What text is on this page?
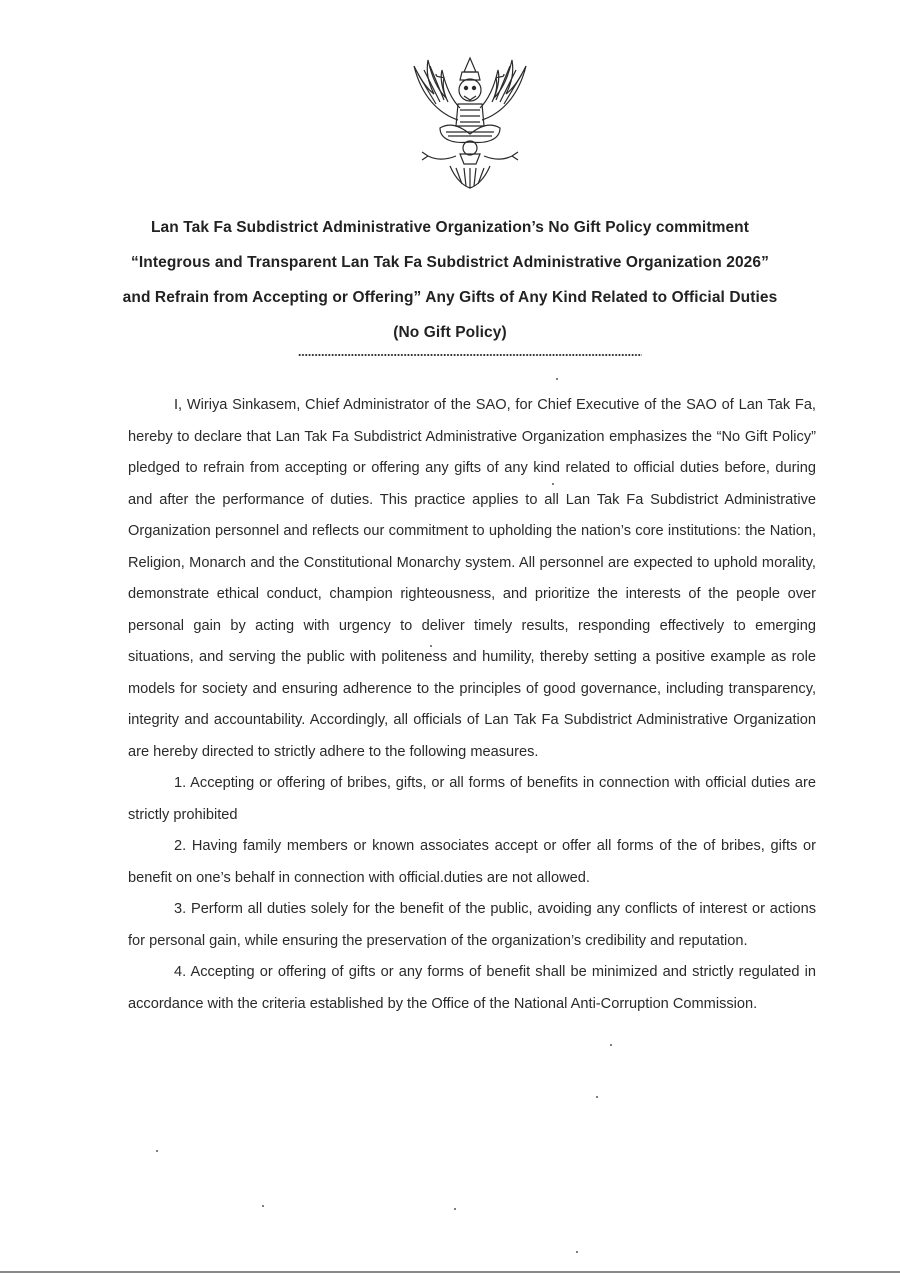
Lan Tak Fa Subdistrict Administrative Organization’s No Gift Policy commitment
“Integrous and Transparent Lan Tak Fa Subdistrict Administrative Organization 2026”
and Refrain from Accepting or Offering” Any Gifts of Any Kind Related to Official Duties
(No Gift Policy)

I, Wiriya Sinkasem, Chief Administrator of the SAO, for Chief Executive of the SAO of Lan Tak Fa, hereby to declare that Lan Tak Fa Subdistrict Administrative Organization emphasizes the “No Gift Policy” pledged to refrain from accepting or offering any gifts of any kind related to official duties before, during and after the performance of duties. This practice applies to all Lan Tak Fa Subdistrict Administrative Organization personnel and reflects our commitment to upholding the nation’s core institutions: the Nation, Religion, Monarch and the Constitutional Monarchy system. All personnel are expected to uphold morality, demonstrate ethical conduct, champion righteousness, and prioritize the interests of the people over personal gain by acting with urgency to deliver timely results, responding effectively to emerging situations, and serving the public with politeness and humility, thereby setting a positive example as role models for society and ensuring adherence to the principles of good governance, including transparency, integrity and accountability. Accordingly, all officials of Lan Tak Fa Subdistrict Administrative Organization are hereby directed to strictly adhere to the following measures.

1. Accepting or offering of bribes, gifts, or all forms of benefits in connection with official duties are strictly prohibited

2. Having family members or known associates accept or offer all forms of the of bribes, gifts or benefit on one’s behalf in connection with official.duties are not allowed.

3. Perform all duties solely for the benefit of the public, avoiding any conflicts of interest or actions for personal gain, while ensuring the preservation of the organization’s credibility and reputation.

4. Accepting or offering of gifts or any forms of benefit shall be minimized and strictly regulated in accordance with the criteria established by the Office of the National Anti-Corruption Commission.
